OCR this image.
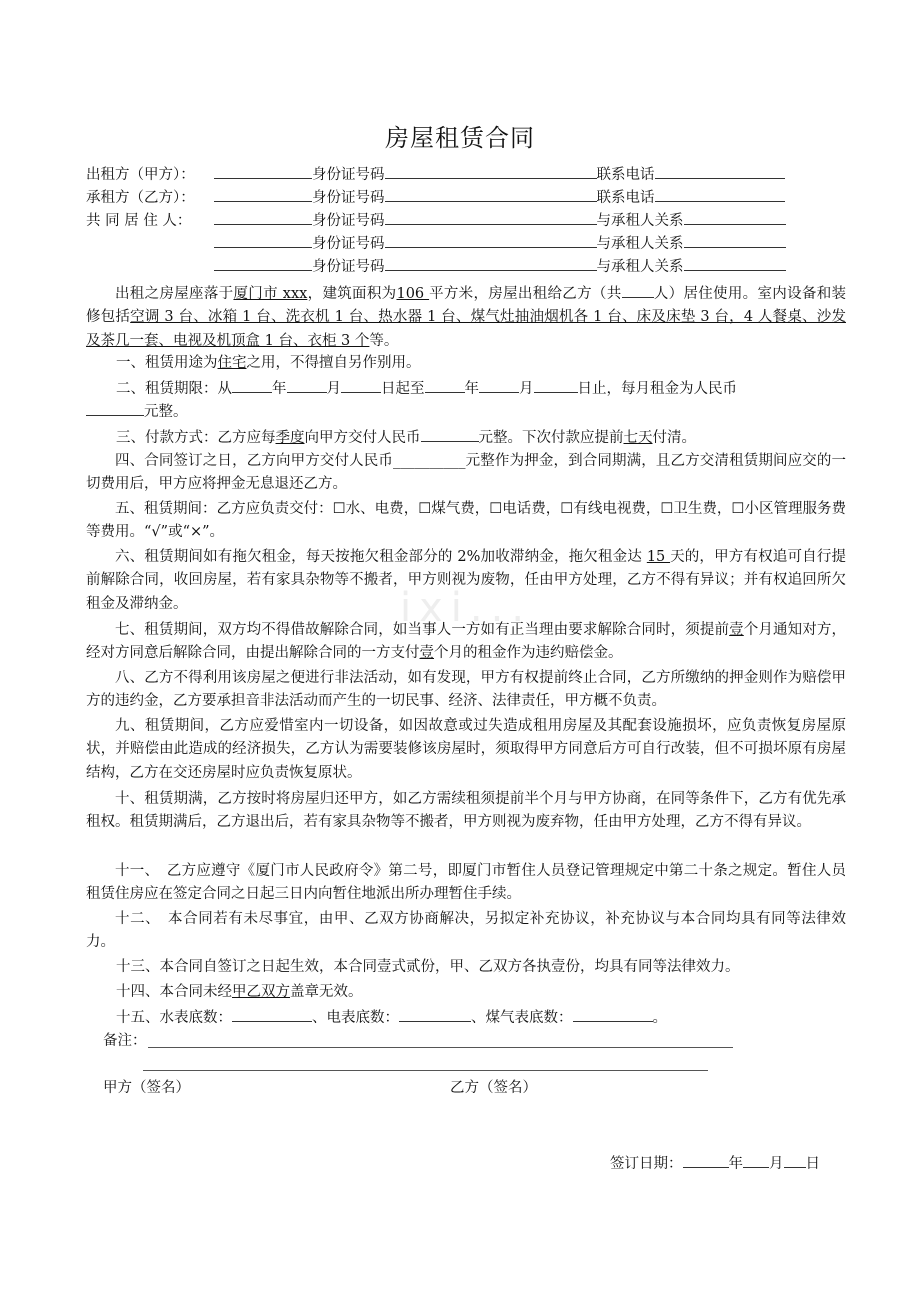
ixi...
房屋租赁合同
出租方（甲方）：	身份证号码	联系电话
承租方（乙方）：	身份证号码	联系电话
共 同 居 住 人：	身份证号码	与承租人关系
身份证号码	与承租人关系
身份证号码	与承租人关系

出租之房屋座落于厦门市 xxx，建筑面积为106 平方米，房屋出租给乙方（共 人）居住使用。室内设备和装修包括空调 3 台、冰箱 1 台、洗衣机 1 台、热水器 1 台、煤气灶抽油烟机各 1 台、床及床垫 3 台，4 人餐桌、沙发及茶几一套、电视及机顶盒 1 台、衣柜 3 个等。

一、租赁用途为住宅之用，不得擅自另作别用。
二、租赁期限：从	年	月	日起至	年	月	日止，每月租金为人民币
元整。
三、付款方式：乙方应每季度向甲方交付人民币	元整。下次付款应提前七天付清。

四、合同签订之日，乙方向甲方交付人民币__________元整作为押金，到合同期满，且乙方交清租赁期间应交的一切费用后，甲方应将押金无息退还乙方。

五、租赁期间：乙方应负责交付：☐水、电费，☐煤气费，☐电话费，☐有线电视费，☐卫生费，☐小区管理服务费等费用。“√”或“×”。

六、租赁期间如有拖欠租金，每天按拖欠租金部分的 2%加收滞纳金，拖欠租金达 15 天的，甲方有权追可自行提前解除合同，收回房屋，若有家具杂物等不搬者，甲方则视为废物，任由甲方处理，乙方不得有异议；并有权追回所欠租金及滞纳金。

七、租赁期间，双方均不得借故解除合同，如当事人一方如有正当理由要求解除合同时，须提前壹个月通知对方，经对方同意后解除合同，由提出解除合同的一方支付壹个月的租金作为违约赔偿金。

八、乙方不得利用该房屋之便进行非法活动，如有发现，甲方有权提前终止合同，乙方所缴纳的押金则作为赔偿甲方的违约金，乙方要承担音非法活动而产生的一切民事、经济、法律责任，甲方概不负责。

九、租赁期间，乙方应爱惜室内一切设备，如因故意或过失造成租用房屋及其配套设施损坏，应负责恢复房屋原状，并赔偿由此造成的经济损失，乙方认为需要装修该房屋时，须取得甲方同意后方可自行改装，但不可损坏原有房屋结构，乙方在交还房屋时应负责恢复原状。

十、租赁期满，乙方按时将房屋归还甲方，如乙方需续租须提前半个月与甲方协商，在同等条件下，乙方有优先承租权。租赁期满后，乙方退出后，若有家具杂物等不搬者，甲方则视为废弃物，任由甲方处理，乙方不得有异议。

十一、　乙方应遵守《厦门市人民政府令》第二号，即厦门市暂住人员登记管理规定中第二十条之规定。暂住人员租赁住房应在签定合同之日起三日内向暂住地派出所办理暂住手续。

十二、　本合同若有未尽事宜，由甲、乙双方协商解决，另拟定补充协议，补充协议与本合同均具有同等法律效力。

十三、本合同自签订之日起生效，本合同壹式贰份，甲、乙双方各执壹份，均具有同等法律效力。
十四、本合同未经甲乙双方盖章无效。
十五、水表底数：	、电表底数：	、煤气表底数：	。
备注：
甲方（签名）	乙方（签名）
签订日期：	年 月 日
